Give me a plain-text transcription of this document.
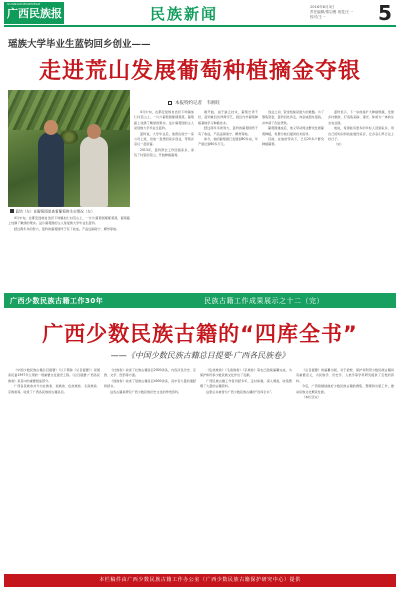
GUANGXIMINZUBAO
广西民族报	民族新闻	2016年6月3日
责任编辑/郑启俊 视觉/王一
校对/王一	5
瑶族大学毕业生蓝钧回乡创业——
走进荒山发展葡萄种植摘金夺银
蓝钧（左）在葡萄园里查看葡萄的生长情况（左）
本报特约记者　韦炳旺

4月中旬，在都安瑶族自治县下坳镇加仁村荒山上，一片片葡萄园郁郁葱葱，葡萄藤上挂满了嫩绿的果实。这片葡萄园的主人是瑶族大学毕业生蓝钧。

蓝钧说，大学毕业后，他曾在南宁一家公司上班，但他一直想回家乡创业，带领乡亲们一起致富。

2013年，蓝钧辞去工作回到家乡，承包了村里的荒山，开始种植葡萄。

刚开始，由于缺乏技术，葡萄长势不好，蓝钧就四处拜师学艺，到区内外葡萄种植基地学习种植技术。

经过两年多的努力，蓝钧的葡萄园终于有了收成，产品远销南宁、柳州等地。

如今，他的葡萄园已发展到80多亩，年产值达到60多万元。

创业之初，资金短缺是最大的难题。为了筹集资金，蓝钧四处奔走，向亲戚朋友借钱，并申请了创业贷款。

葡萄园建成后，他又带动周边群众发展葡萄种植，免费为他们提供技术指导。

目前，在他的带动下，已有20多户群众种植葡萄。

蓝钧表示，下一步他将扩大种植规模，发展乡村旅游，打造集采摘、观光、休闲为一体的生态农业园。

他说，希望能有更多的年轻人回到家乡，用自己的知识和技能建设家乡，让乡亲们早日过上好日子。

（完）

4月中旬，在都安瑶族自治县下坳镇加仁村荒山上，一片片葡萄园郁郁葱葱，葡萄藤上挂满了嫩绿的果实。这片葡萄园的主人是瑶族大学毕业生蓝钧。

经过两年多的努力，蓝钧的葡萄园终于有了收成，产品远销南宁、柳州等地。

广西少数民族古籍工作30年	民族古籍工作成果展示之十二（完）
广西少数民族古籍的“四库全书”
——《中国少数民族古籍总目提要·广西各民族卷》

《中国少数民族古籍总目提要》（以下简称《总目提要》）是国家民委1997年立项的一项重要文化建设工程。《总目提要·广西各民族卷》是其中的重要组成部分。

广西各民族卷共分为壮族卷、瑶族卷、仫佬族卷、毛南族卷、京族卷等，收录了广西各民族的古籍条目。

《壮族卷》收录了壮族古籍条目2000余条，内容涉及历史、宗教、文学、医药等方面。

《瑶族卷》收录了瑶族古籍条目4000余条，其中有大量的道经和经书。

这些古籍是研究广西少数民族历史文化的珍贵资料。

《仫佬族卷》《毛南族卷》《京族卷》等也已陆续编纂完成，为保护和传承少数民族文化作出了贡献。

广西民族古籍工作者历经多年，走村串寨，深入调查，收集整理了大量的古籍资料。

这套丛书被誉为广西少数民族古籍的“四库全书”。

《总目提要》的编纂出版，对于抢救、保护和利用少数民族古籍具有重要意义，为民族学、历史学、人类学等学科研究提供了宝贵的资料。

今后，广西将继续做好少数民族古籍的搜集、整理和出版工作，推动民族文化繁荣发展。

（本栏目完）

本栏稿件由广西少数民族古籍工作办公室（广西少数民族古籍保护研究中心）提供
